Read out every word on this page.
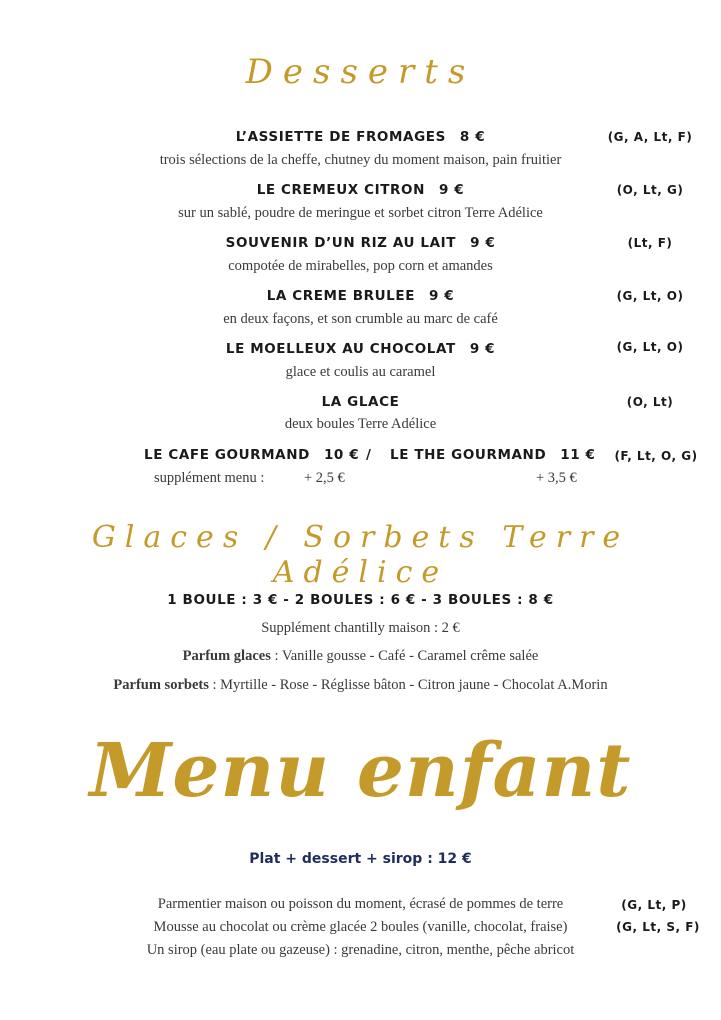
Desserts
L’ASSIETTE DE FROMAGES 8 €	(G, A, Lt, F)
trois sélections de la cheffe, chutney du moment maison, pain fruitier
LE CREMEUX CITRON 9 €	(O, Lt, G)
sur un sablé, poudre de meringue et sorbet citron Terre Adélice
SOUVENIR D’UN RIZ AU LAIT 9 €	(Lt, F)
compotée de mirabelles, pop corn et amandes
LA CREME BRULEE 9 €	(G, Lt, O)
en deux façons, et son crumble au marc de café
LE MOELLEUX AU CHOCOLAT 9 €	(G, Lt, O)
glace et coulis au caramel
LA GLACE	(O, Lt)
deux boules Terre Adélice
LE CAFE GOURMAND 10 € / LE THE GOURMAND 11 €	(F, Lt, O, G)
supplément menu :	+ 2,5 €	+ 3,5 €
Glaces / Sorbets Terre Adélice
1 BOULE : 3 € - 2 BOULES : 6 € - 3 BOULES : 8 €
Supplément chantilly maison : 2 €
Parfum glaces : Vanille gousse - Café - Caramel crême salée
Parfum sorbets : Myrtille - Rose - Réglisse bâton - Citron jaune - Chocolat A.Morin
Menu enfant
Plat + dessert + sirop : 12 €
Parmentier maison ou poisson du moment, écrasé de pommes de terre	(G, Lt, P)
Mousse au chocolat ou crème glacée 2 boules (vanille, chocolat, fraise)	(G, Lt, S, F)
Un sirop (eau plate ou gazeuse) : grenadine, citron, menthe, pêche abricot
